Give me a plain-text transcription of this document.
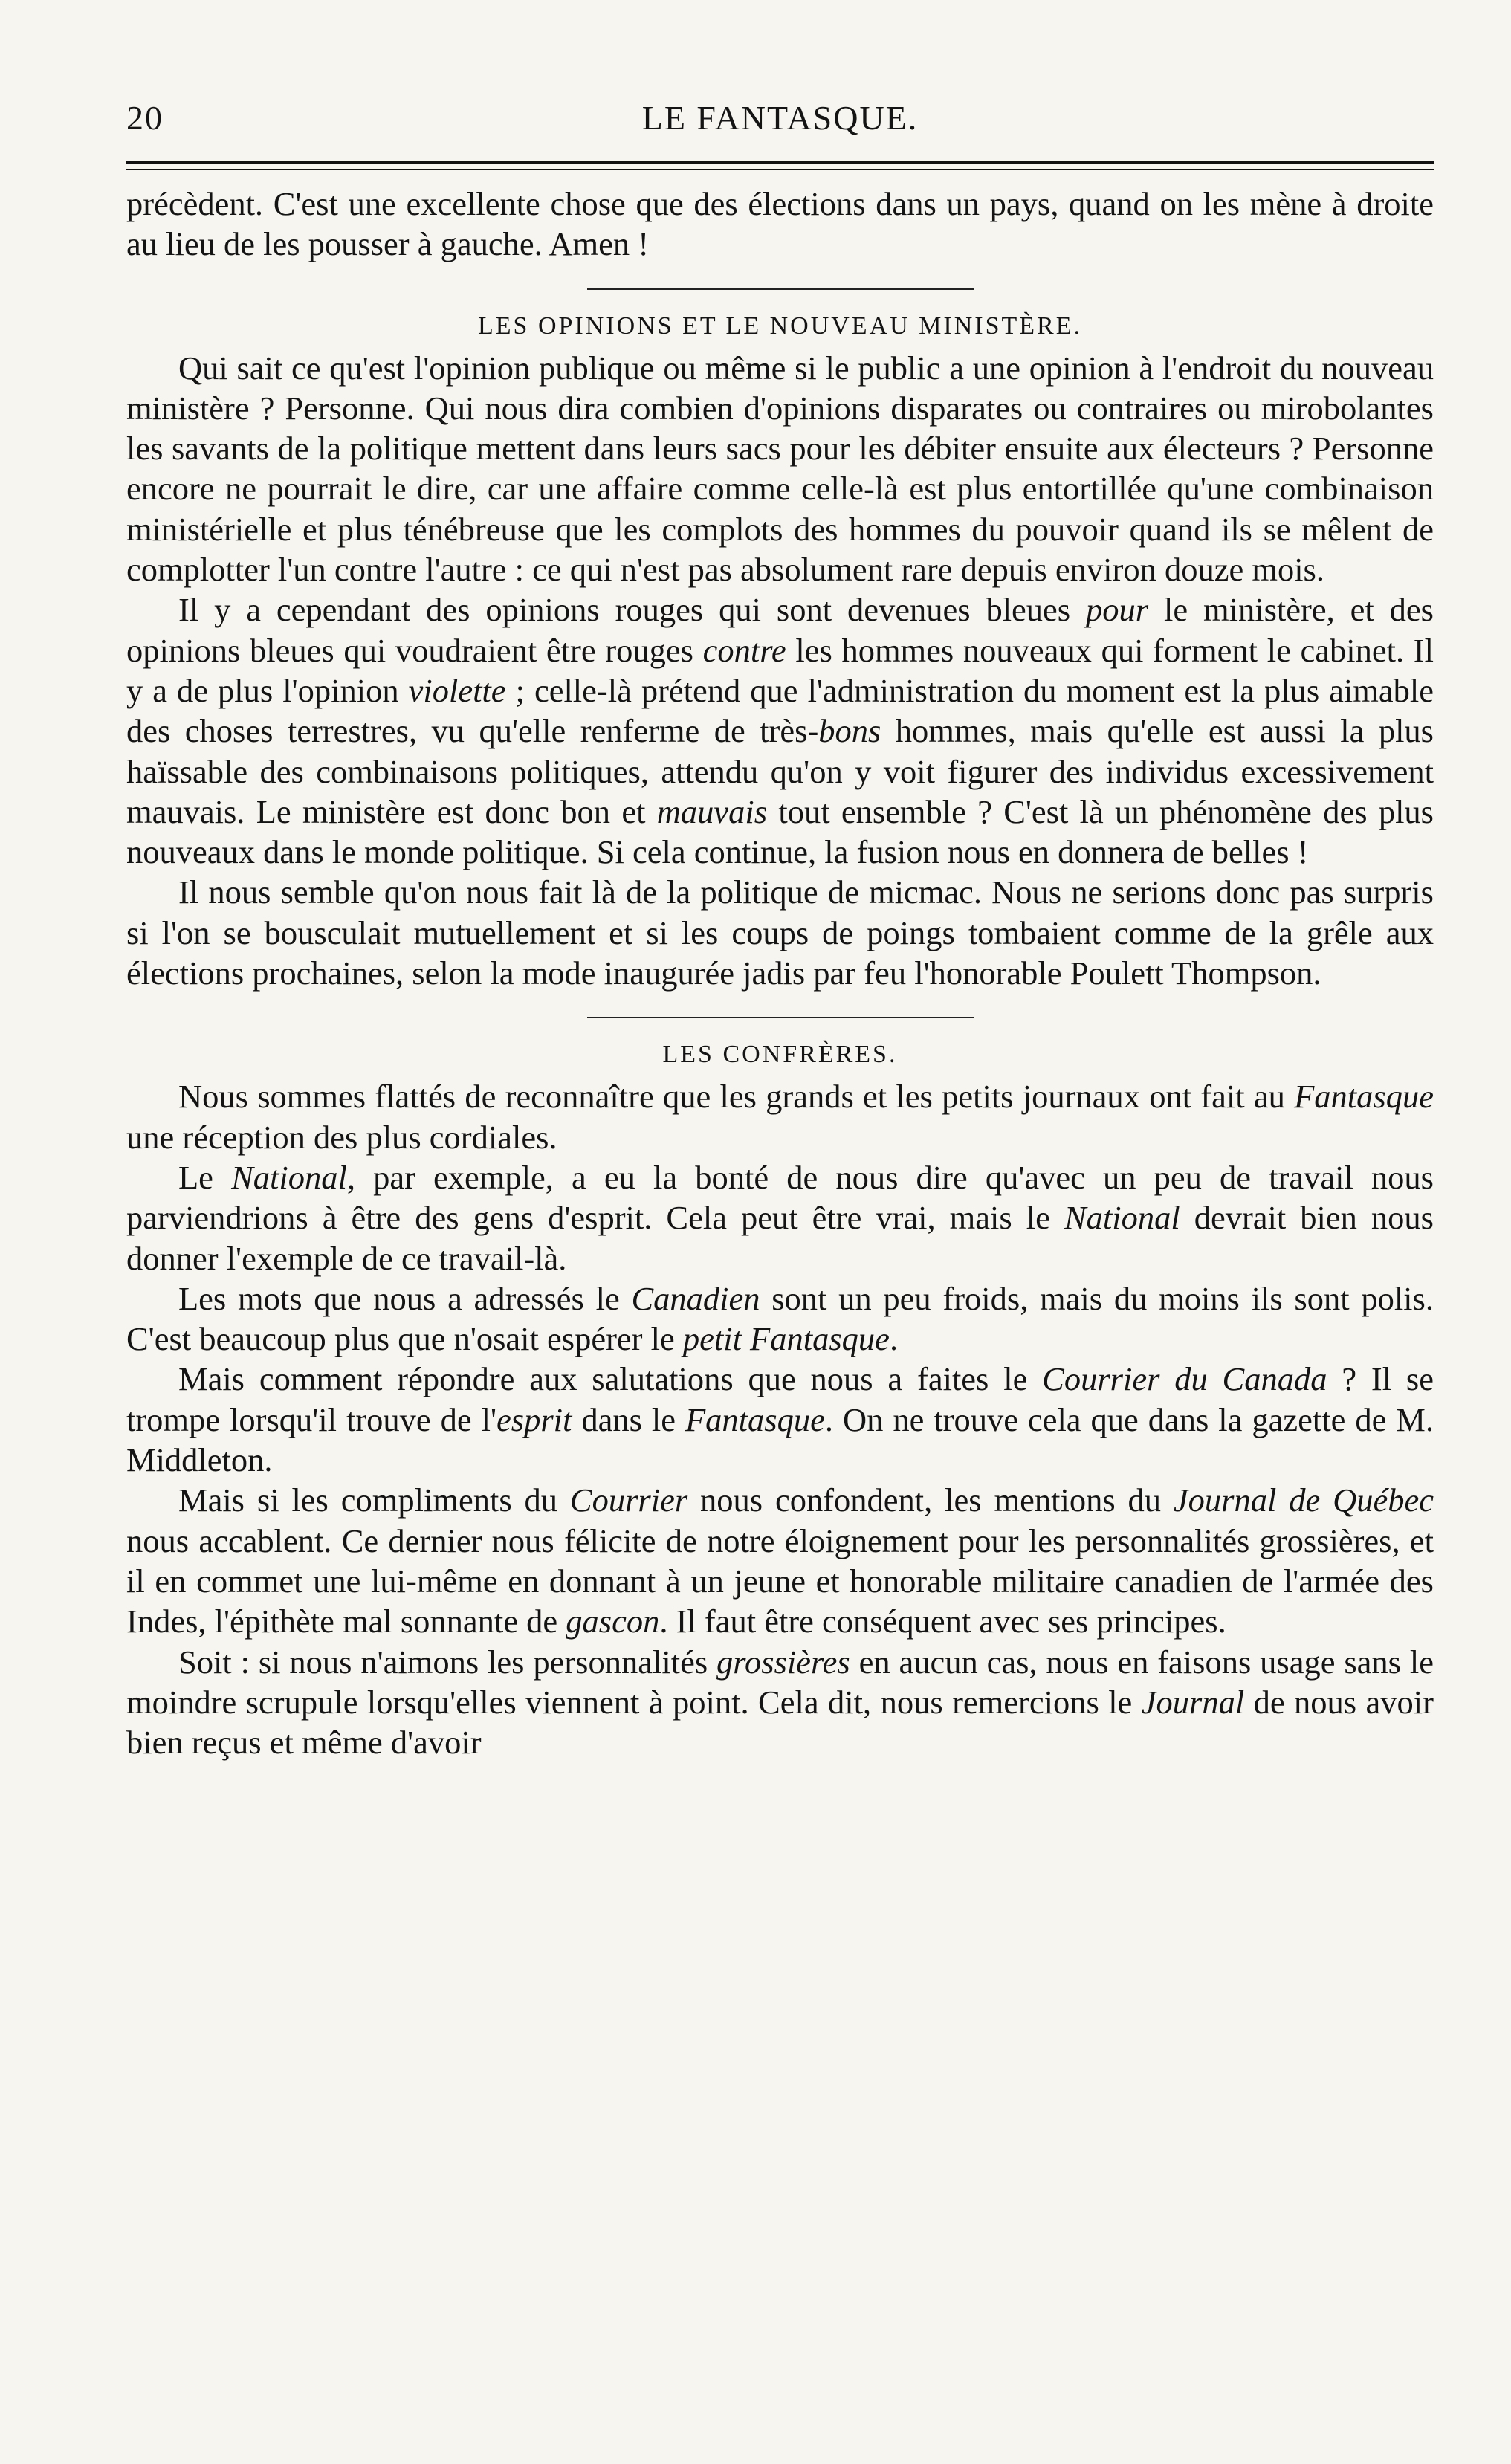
20	LE FANTASQUE.

précèdent. C'est une excellente chose que des élections dans un pays, quand on les mène à droite au lieu de les pousser à gauche. Amen !

LES OPINIONS ET LE NOUVEAU MINISTÈRE.

Qui sait ce qu'est l'opinion publique ou même si le public a une opinion à l'endroit du nouveau ministère ? Personne. Qui nous dira combien d'opinions disparates ou contraires ou mirobolantes les savants de la politique mettent dans leurs sacs pour les débiter ensuite aux électeurs ? Personne encore ne pourrait le dire, car une affaire comme celle-là est plus entortillée qu'une combinaison ministérielle et plus ténébreuse que les complots des hommes du pouvoir quand ils se mêlent de complotter l'un contre l'autre : ce qui n'est pas absolument rare depuis environ douze mois.

Il y a cependant des opinions rouges qui sont devenues bleues pour le ministère, et des opinions bleues qui voudraient être rouges contre les hommes nouveaux qui forment le cabinet. Il y a de plus l'opinion violette ; celle-là prétend que l'administration du moment est la plus aimable des choses terrestres, vu qu'elle renferme de très-bons hommes, mais qu'elle est aussi la plus haïssable des combinaisons politiques, attendu qu'on y voit figurer des individus excessivement mauvais. Le ministère est donc bon et mauvais tout ensemble ? C'est là un phénomène des plus nouveaux dans le monde politique. Si cela continue, la fusion nous en donnera de belles !

Il nous semble qu'on nous fait là de la politique de micmac. Nous ne serions donc pas surpris si l'on se bousculait mutuellement et si les coups de poings tombaient comme de la grêle aux élections prochaines, selon la mode inaugurée jadis par feu l'honorable Poulett Thompson.

LES CONFRÈRES.

Nous sommes flattés de reconnaître que les grands et les petits journaux ont fait au Fantasque une réception des plus cordiales.

Le National, par exemple, a eu la bonté de nous dire qu'avec un peu de travail nous parviendrions à être des gens d'esprit. Cela peut être vrai, mais le National devrait bien nous donner l'exemple de ce travail-là.

Les mots que nous a adressés le Canadien sont un peu froids, mais du moins ils sont polis. C'est beaucoup plus que n'osait espérer le petit Fantasque.

Mais comment répondre aux salutations que nous a faites le Courrier du Canada ? Il se trompe lorsqu'il trouve de l'esprit dans le Fantasque. On ne trouve cela que dans la gazette de M. Middleton.

Mais si les compliments du Courrier nous confondent, les mentions du Journal de Québec nous accablent. Ce dernier nous félicite de notre éloignement pour les personnalités grossières, et il en commet une lui-même en donnant à un jeune et honorable militaire canadien de l'armée des Indes, l'épithète mal sonnante de gascon. Il faut être conséquent avec ses principes.

Soit : si nous n'aimons les personnalités grossières en aucun cas, nous en faisons usage sans le moindre scrupule lorsqu'elles viennent à point. Cela dit, nous remercions le Journal de nous avoir bien reçus et même d'avoir
